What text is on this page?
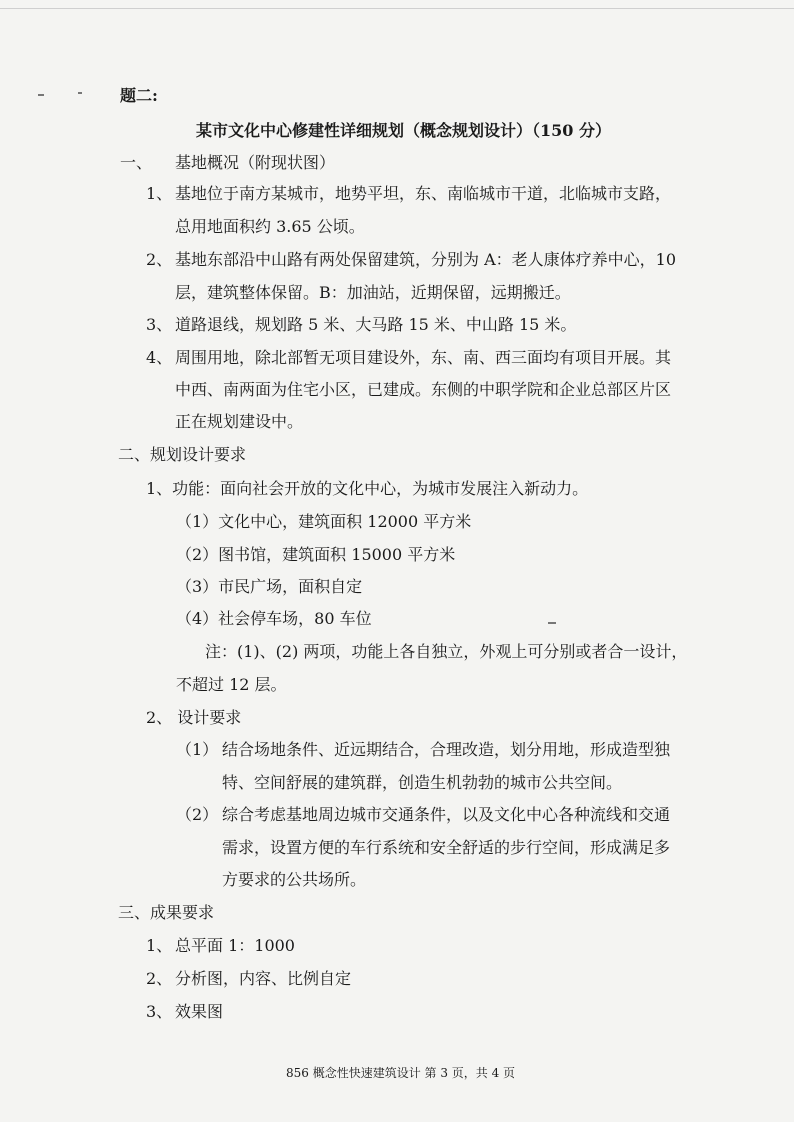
题二:
某市文化中心修建性详细规划（概念规划设计）（150 分）
一、 基地概况（附现状图）
1、 基地位于南方某城市，地势平坦，东、南临城市干道，北临城市支路，
总用地面积约 3.65 公顷。
2、 基地东部沿中山路有两处保留建筑，分别为 A：老人康体疗养中心，10
层，建筑整体保留。B：加油站，近期保留，远期搬迁。
3、 道路退线，规划路 5 米、大马路 15 米、中山路 15 米。
4、 周围用地，除北部暂无项目建设外，东、南、西三面均有项目开展。其
中西、南两面为住宅小区，已建成。东侧的中职学院和企业总部区片区
正在规划建设中。
二、规划设计要求
1、功能：面向社会开放的文化中心，为城市发展注入新动力。
（1）文化中心，建筑面积 12000 平方米
（2）图书馆，建筑面积 15000 平方米
（3）市民广场，面积自定
（4）社会停车场，80 车位
注：(1)、(2) 两项，功能上各自独立，外观上可分别或者合一设计，
不超过 12 层。
2、 设计要求
（1） 结合场地条件、近远期结合，合理改造，划分用地，形成造型独
特、空间舒展的建筑群，创造生机勃勃的城市公共空间。
（2） 综合考虑基地周边城市交通条件，以及文化中心各种流线和交通
需求，设置方便的车行系统和安全舒适的步行空间，形成满足多
方要求的公共场所。
三、成果要求
1、 总平面 1：1000
2、 分析图，内容、比例自定
3、 效果图
856 概念性快速建筑设计 第 3 页，共 4 页
